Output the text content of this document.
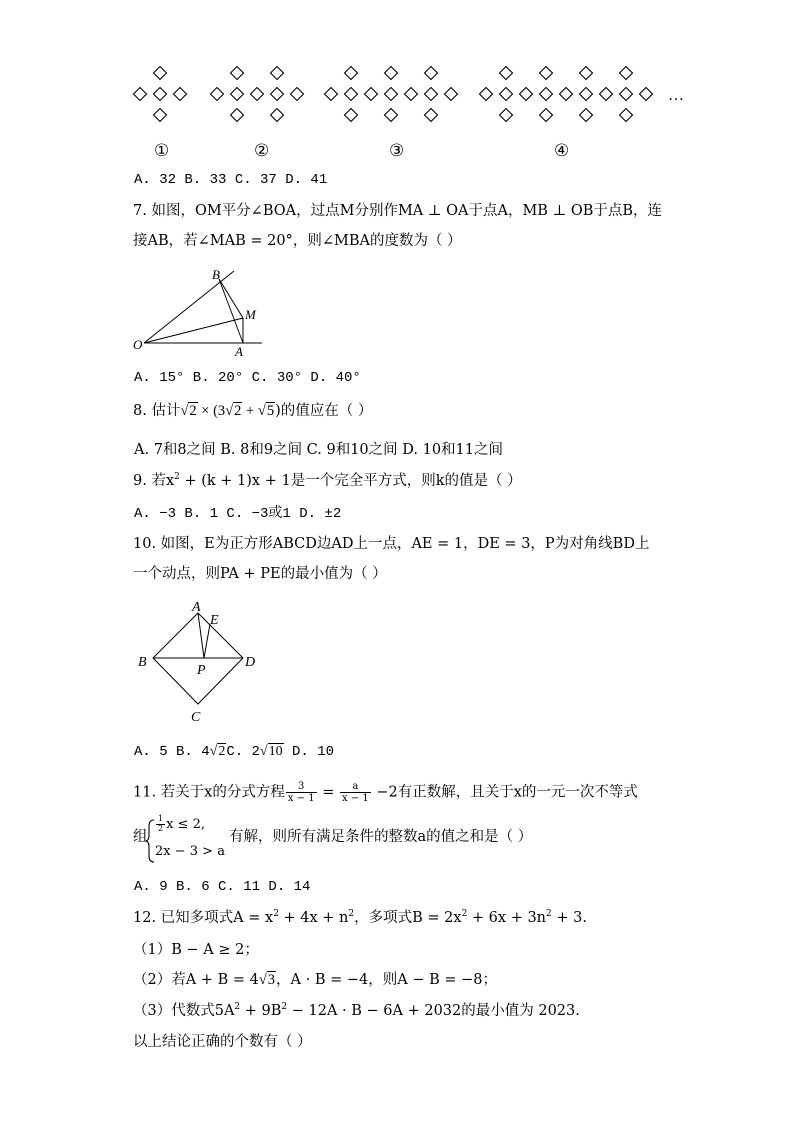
…
①	②	③	④
A. 32 B. 33 C. 37 D. 41
7. 如图，OM平分∠BOA，过点M分别作MA ⊥ OA于点A，MB ⊥ OB于点B，连
接AB，若∠MAB = 20°，则∠MBA的度数为（ ）
B
M
O	A
A. 15° B. 20° C. 30° D. 40°
8. 估计√2 × (3√2 + √5)的值应在（ ）
A. 7和8之间 B. 8和9之间 C. 9和10之间 D. 10和11之间
9. 若$x^2 + (k + 1)x + 1$是一个完全平方式，则k的值是（ ）
A. −3 B. 1 C. −3或1 D. ±2
10. 如图，E为正方形ABCD边AD上一点，AE = 1，DE = 3，P为对角线BD上
一个动点，则PA + PE的最小值为（ ）
A
E
B
P
D
C
A. 5 B. 4√2C. 2√10 D. 10
11. 若关于x的分式方程 $\frac{3}{x - 1} = \frac{a}{x - 1} -2$有正数解，且关于x的一元一次不等式
组
$\frac{1}{2}$ x ≤ 2,
2x − 3 > a
有解，则所有满足条件的整数a的值之和是（ ）
A. 9 B. 6 C. 11 D. 14
12. 已知多项式$A = x^2 + 4x + n^2$，多项式$B = 2x^2 + 6x + 3n^2 + 3$.
（1）B − A ≥ 2；
（2）若A + B = 4√3，A · B = −4，则A − B = −8；
（3）代数式$5A^2 + 9B^2 - 12A \cdot B - 6A + 2032$的最小值为 2023.
以上结论正确的个数有（ ）
